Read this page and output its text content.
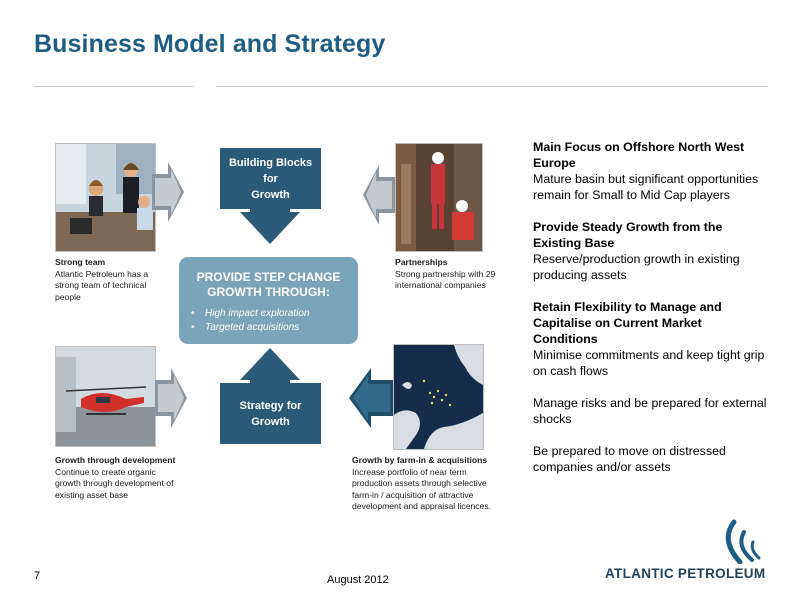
Business Model and Strategy
Strong team
Atlantic Petroleum has a
strong team of technical
people
Partnerships
Strong partnership with 29
international companies
Building Blocks
for
Growth
PROVIDE STEP CHANGE
GROWTH THROUGH:
• High impact exploration
• Targeted acquisitions
Strategy for
Growth
Growth through development
Continue to create organic
growth through development of
existing asset base
Growth by farm-in & acquisitions
Increase portfolio of near term
production assets through selective
farm-in / acquisition of attractive
development and appraisal licences.
Main Focus on Offshore North West Europe
Mature basin but significant opportunities remain for Small to Mid Cap players
Provide Steady Growth from the Existing Base
Reserve/production growth in existing producing assets
Retain Flexibility to Manage and Capitalise on Current Market Conditions
Minimise commitments and keep tight grip on cash flows
Manage risks and be prepared for external shocks
Be prepared to move on distressed companies and/or assets
7	August 2012	ATLANTIC PETROLEUM
